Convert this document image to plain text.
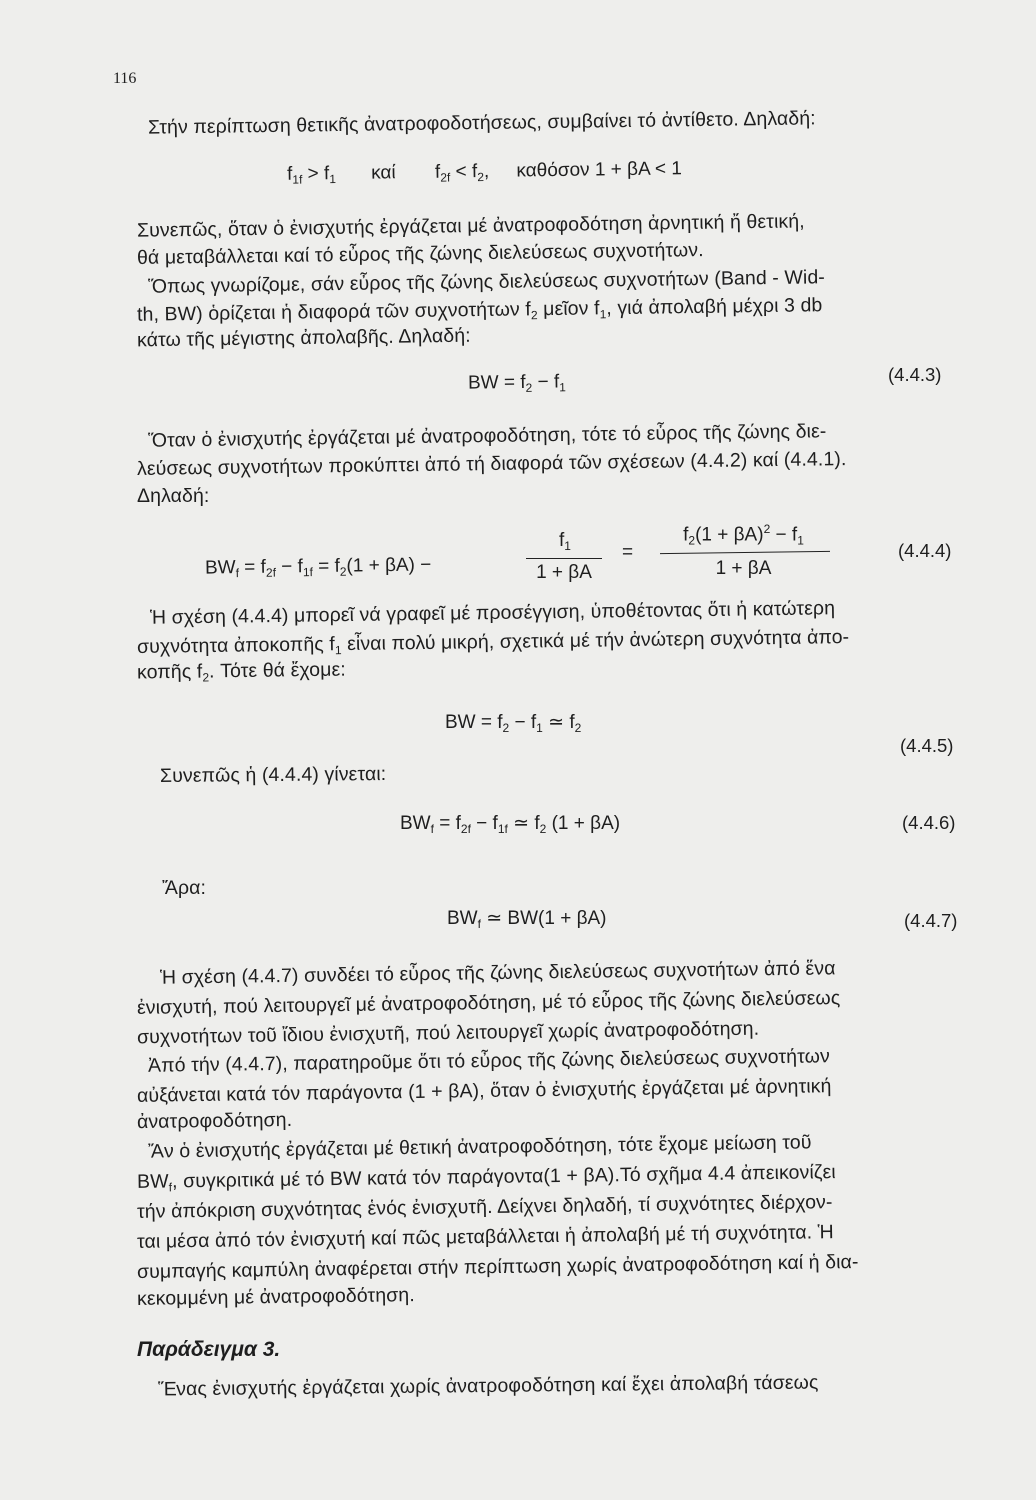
116
Στήν περίπτωση θετικῆς ἀνατροφοδοτήσεως, συμβαίνει τό ἀντίθετο. Δηλαδή:
$f_{1f} > f_1$ καί $f_{2f} < f_2$, καθόσον 1 + βA < 1
Συνεπῶς, ὅταν ὁ ἐνισχυτής ἐργάζεται μέ ἀνατροφοδότηση ἀρνητική ἤ θετική,
θά μεταβάλλεται καί τό εὖρος τῆς ζώνης διελεύσεως συχνοτήτων.
Ὅπως γνωρίζομε, σάν εὖρος τῆς ζώνης διελεύσεως συχνοτήτων (Band - Wid-
th, BW) ὁρίζεται ἡ διαφορά τῶν συχνοτήτων $f_2$ μεῖον $f_1$, γιά ἀπολαβή μέχρι 3 db
κάτω τῆς μέγιστης ἀπολαβῆς. Δηλαδή:
BW = $f_2 - f_1$
(4.4.3)
Ὅταν ὁ ἐνισχυτής ἐργάζεται μέ ἀνατροφοδότηση, τότε τό εὖρος τῆς ζώνης διε-
λεύσεως συχνοτήτων προκύπτει ἀπό τή διαφορά τῶν σχέσεων (4.4.2) καί (4.4.1).
Δηλαδή:
$BW_f = f_{2f} - f_{1f} = f_2(1 + \beta A)$ −
$f_1$
1 + βA
=
$f_2(1 + \beta A)^2 - f_1$
1 + βA
(4.4.4)
Ἡ σχέση (4.4.4) μπορεῖ νά γραφεῖ μέ προσέγγιση, ὑποθέτοντας ὅτι ἡ κατώτερη
συχνότητα ἀποκοπῆς $f_1$ εἶναι πολύ μικρή, σχετικά μέ τήν ἀνώτερη συχνότητα ἀπο-
κοπῆς $f_2$. Τότε θά ἔχομε:
BW = $f_2 - f_1$ ≃ $f_2$
(4.4.5)
Συνεπῶς ἡ (4.4.4) γίνεται:
$BW_f = f_{2f} - f_{1f}$ ≃ $f_2$ (1 + βA)	(4.4.6)
Ἄρα:
$BW_f$ ≃ BW(1 + βA)	(4.4.7)
Ἡ σχέση (4.4.7) συνδέει τό εὖρος τῆς ζώνης διελεύσεως συχνοτήτων ἀπό ἕνα
ἐνισχυτή, πού λειτουργεῖ μέ ἀνατροφοδότηση, μέ τό εὖρος τῆς ζώνης διελεύσεως
συχνοτήτων τοῦ ἴδιου ἐνισχυτῆ, πού λειτουργεῖ χωρίς ἀνατροφοδότηση.
Ἀπό τήν (4.4.7), παρατηροῦμε ὅτι τό εὖρος τῆς ζώνης διελεύσεως συχνοτήτων
αὐξάνεται κατά τόν παράγοντα (1 + βA), ὅταν ὁ ἐνισχυτής ἐργάζεται μέ ἀρνητική
ἀνατροφοδότηση.
Ἄν ὁ ἐνισχυτής ἐργάζεται μέ θετική ἀνατροφοδότηση, τότε ἔχομε μείωση τοῦ
$BW_f$, συγκριτικά μέ τό BW κατά τόν παράγοντα(1 + βA).Τό σχῆμα 4.4 ἀπεικονίζει
τήν ἀπόκριση συχνότητας ἑνός ἐνισχυτῆ. Δείχνει δηλαδή, τί συχνότητες διέρχον-
ται μέσα ἀπό τόν ἐνισχυτή καί πῶς μεταβάλλεται ἡ ἀπολαβή μέ τή συχνότητα. Ἡ
συμπαγής καμπύλη ἀναφέρεται στήν περίπτωση χωρίς ἀνατροφοδότηση καί ἡ δια-
κεκομμένη μέ ἀνατροφοδότηση.
Παράδειγμα 3.
Ἕνας ἐνισχυτής ἐργάζεται χωρίς ἀνατροφοδότηση καί ἔχει ἀπολαβή τάσεως
